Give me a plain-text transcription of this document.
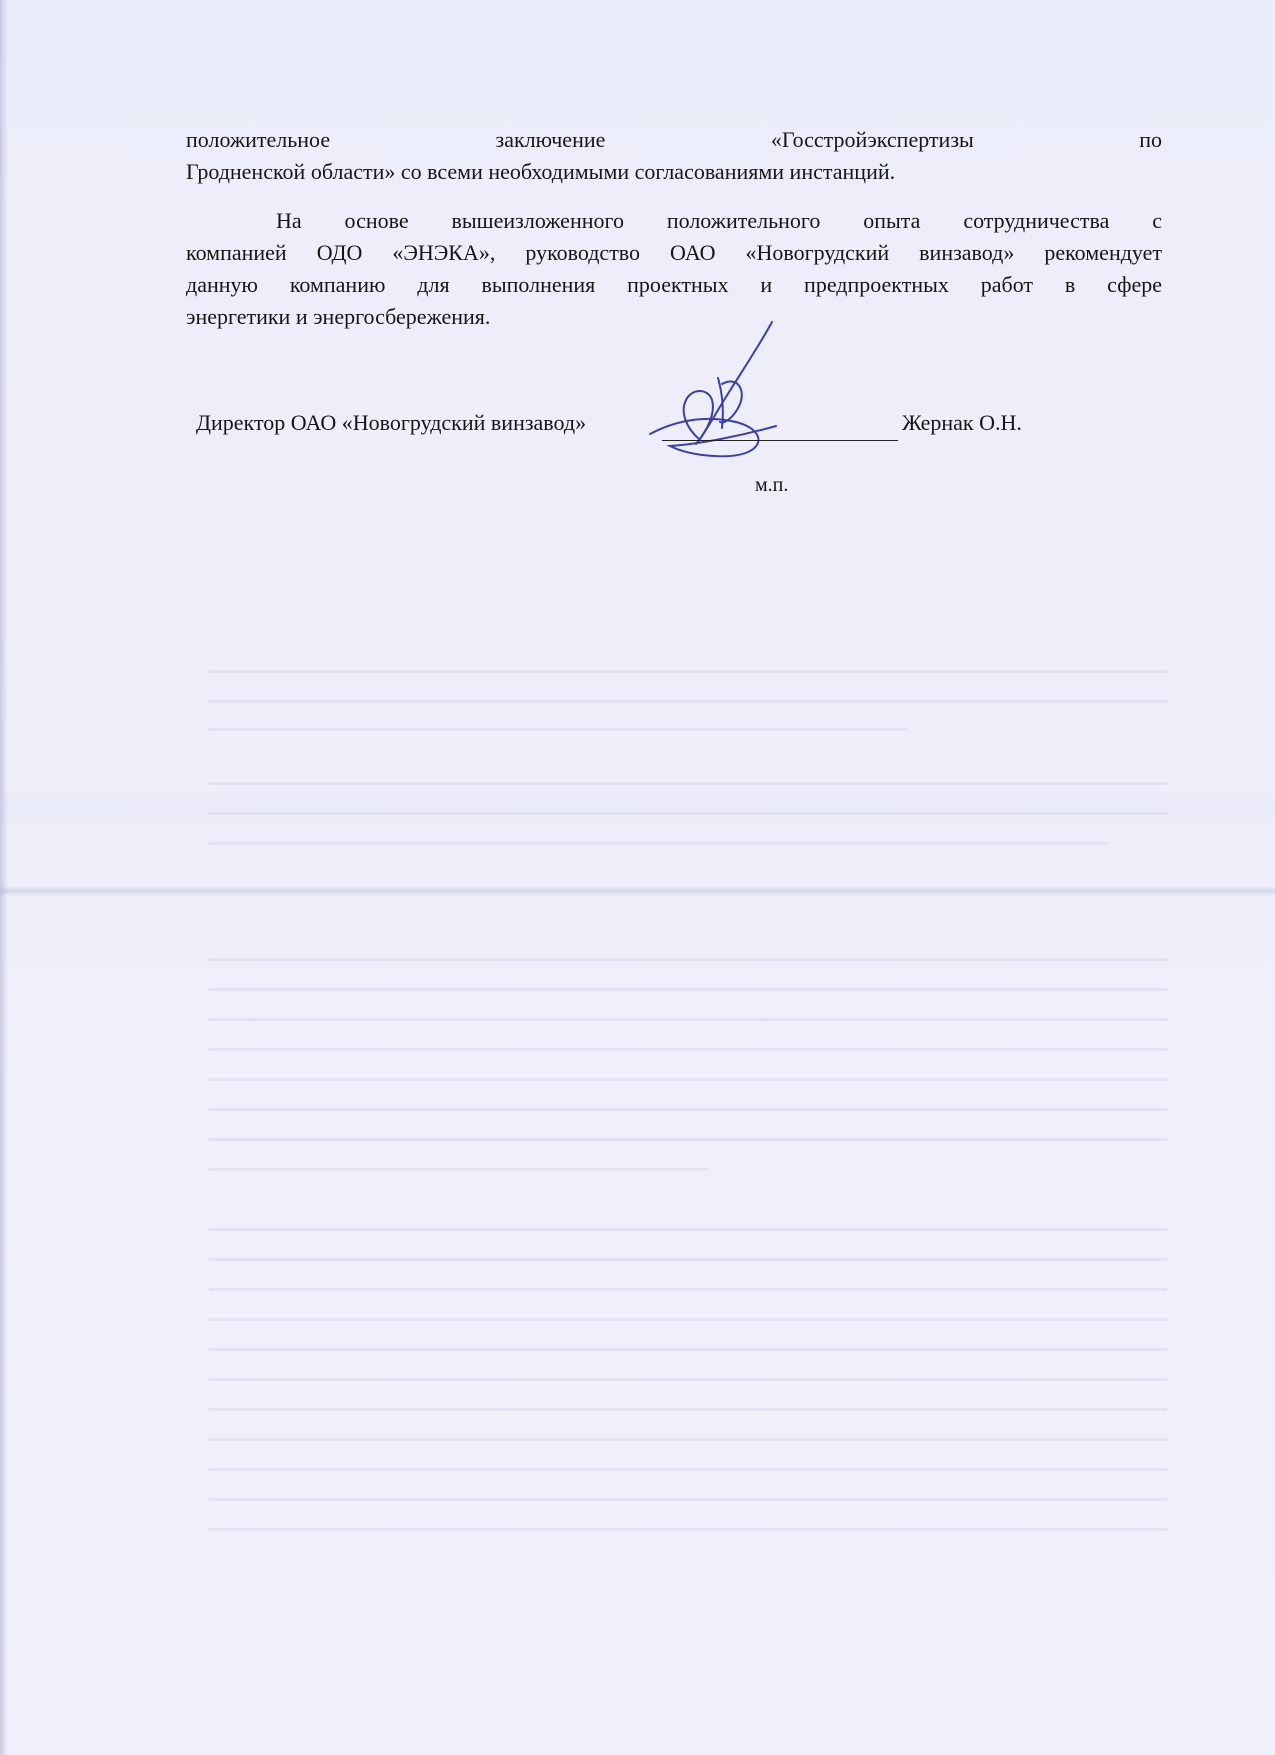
положительное	заключение	«Госстройэкспертизы	по
Гродненской области» со всеми необходимыми согласованиями инстанций.
На основе вышеизложенного положительного опыта сотрудничества с
компанией ОДО «ЭНЭКА», руководство ОАО «Новогрудский винзавод» рекомендует
данную компанию для выполнения проектных и предпроектных работ в сфере
энергетики и энергосбережения.
Директор ОАО «Новогрудский винзавод»	Жернак О.Н.
м.п.
